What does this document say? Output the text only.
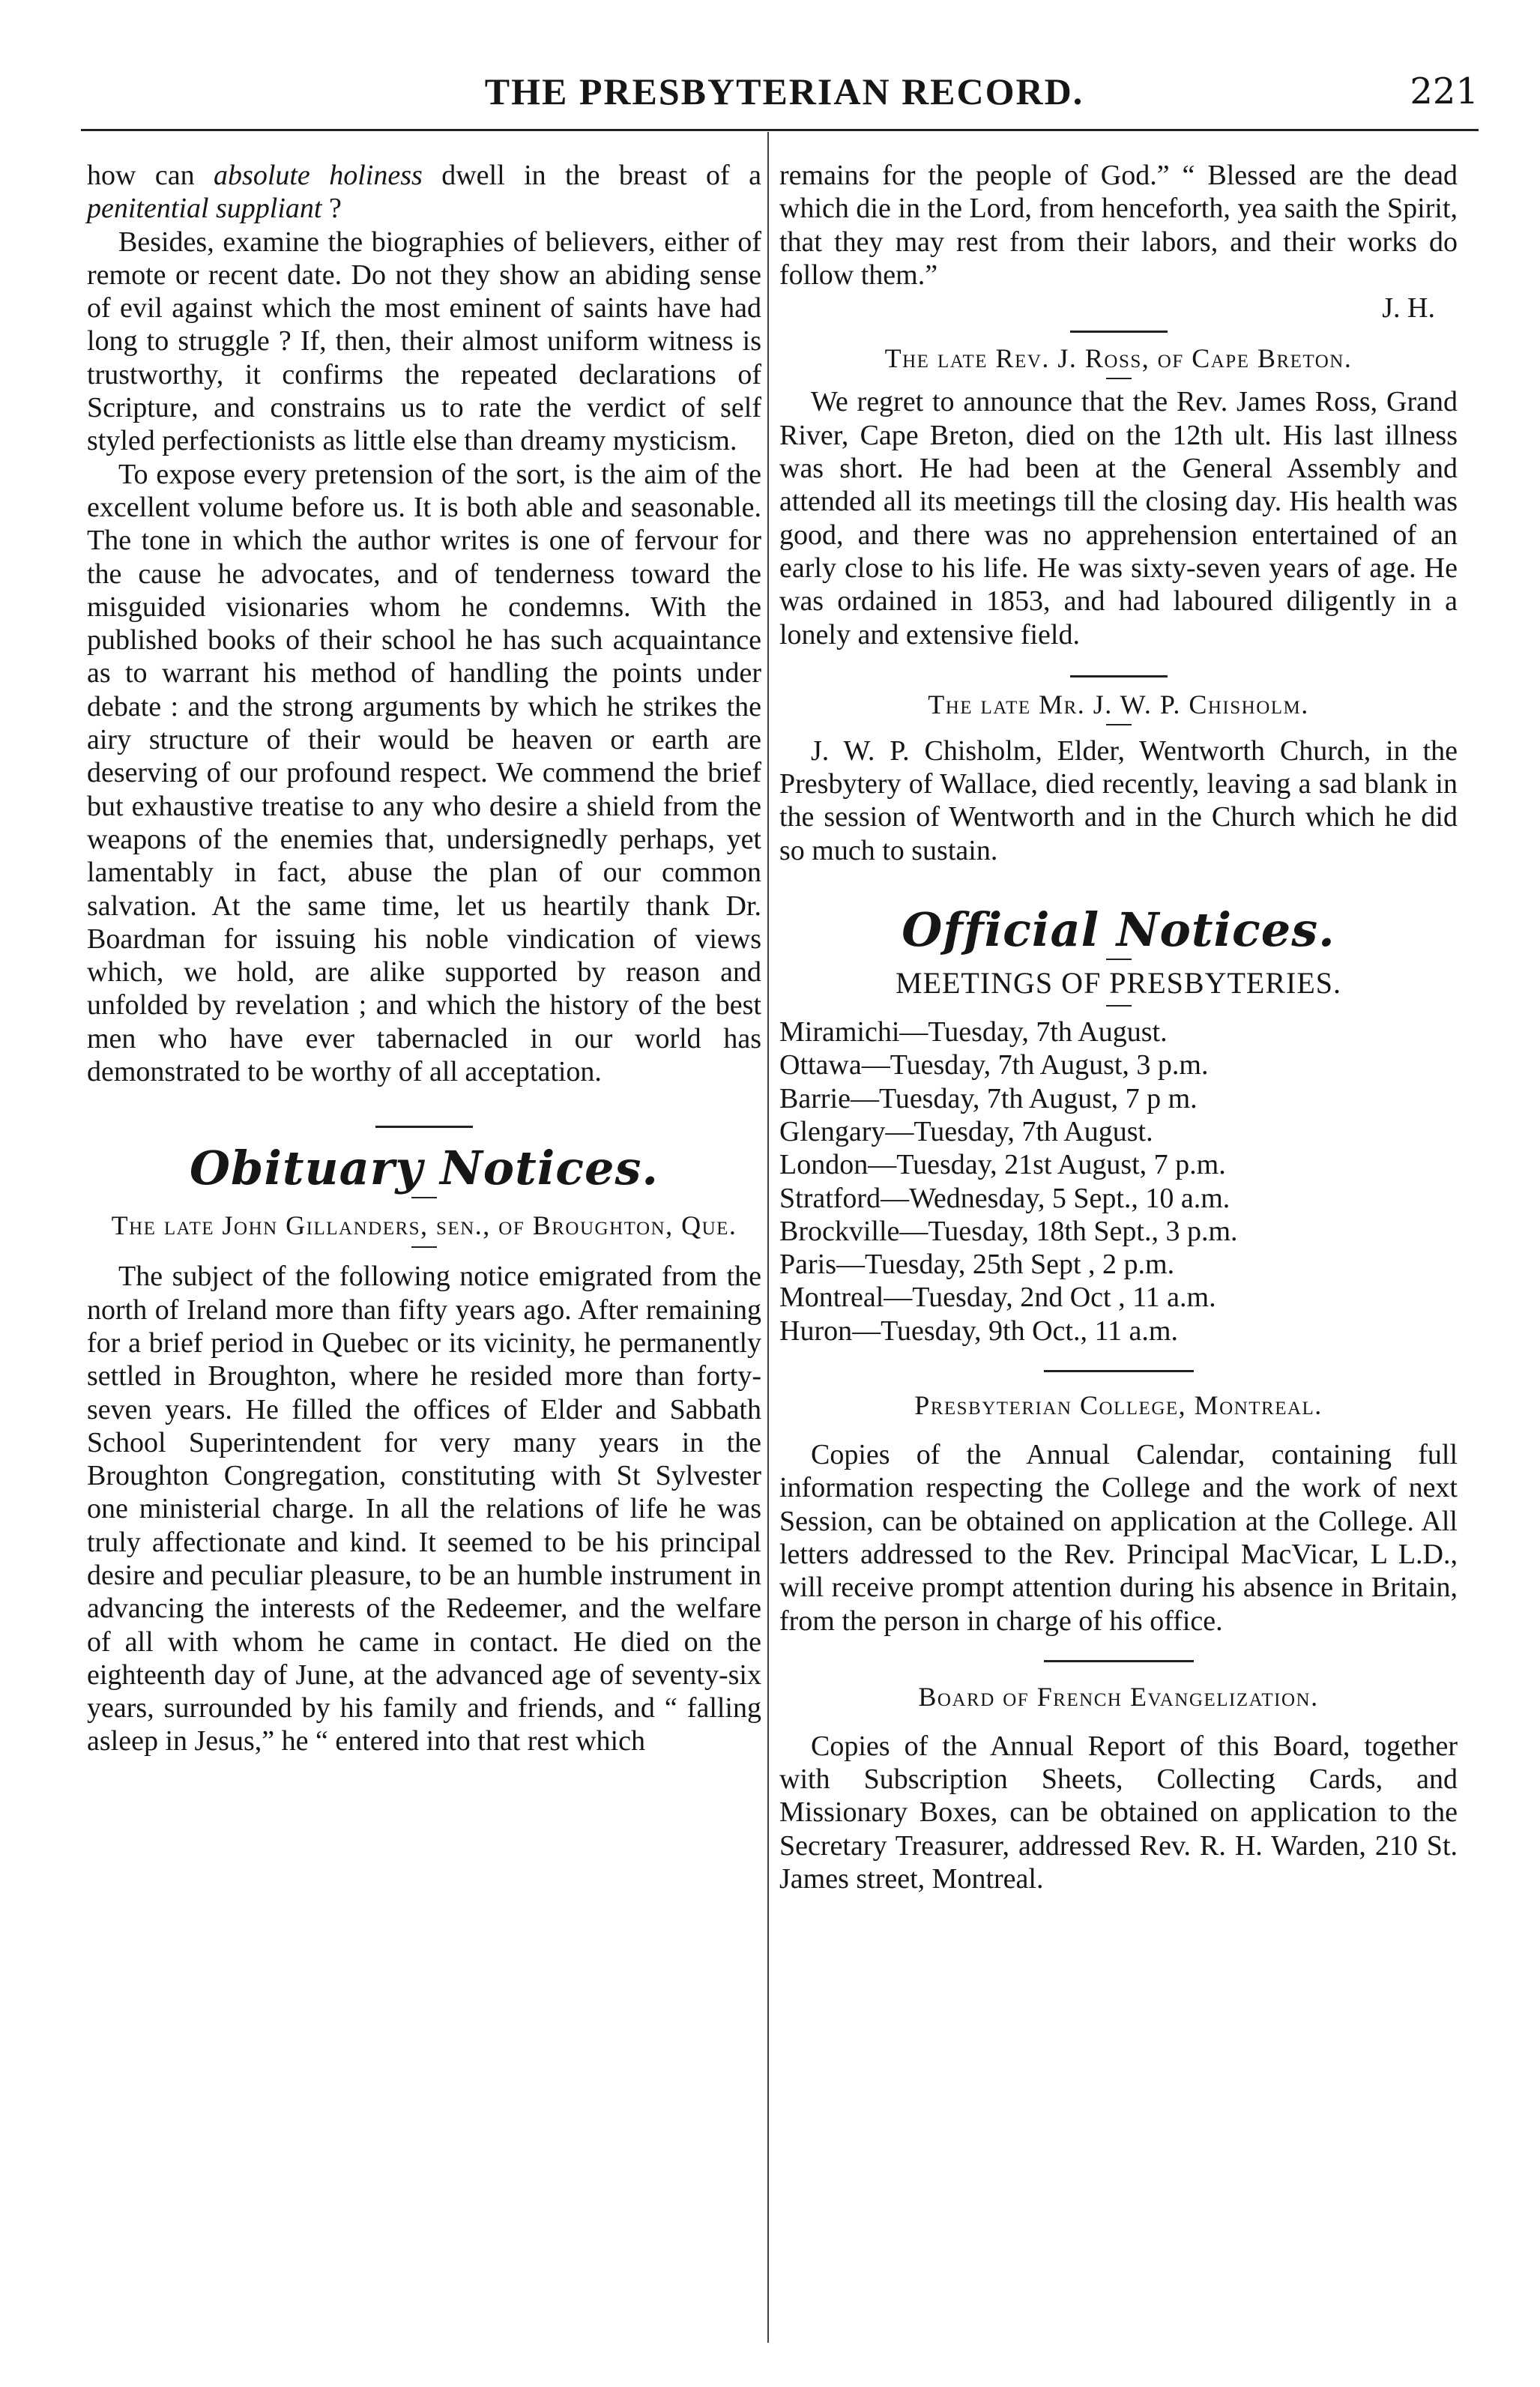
THE PRESBYTERIAN RECORD.	221

how can absolute holiness dwell in the breast of a penitential suppliant ?

Besides, examine the biographies of believers, either of remote or recent date. Do not they show an abiding sense of evil against which the most eminent of saints have had long to struggle ? If, then, their almost uniform witness is trustworthy, it confirms the repeated declarations of Scripture, and constrains us to rate the verdict of self styled perfectionists as little else than dreamy mysticism.

To expose every pretension of the sort, is the aim of the excellent volume before us. It is both able and seasonable. The tone in which the author writes is one of fervour for the cause he advocates, and of tenderness toward the misguided visionaries whom he condemns. With the published books of their school he has such acquaintance as to warrant his method of handling the points under debate : and the strong arguments by which he strikes the airy structure of their would be heaven or earth are deserving of our profound respect. We commend the brief but exhaustive treatise to any who desire a shield from the weapons of the enemies that, undersignedly perhaps, yet lamentably in fact, abuse the plan of our common salvation. At the same time, let us heartily thank Dr. Boardman for issuing his noble vindication of views which, we hold, are alike supported by reason and unfolded by revelation ; and which the history of the best men who have ever tabernacled in our world has demonstrated to be worthy of all acceptation.

Obituary Notices.

The late John Gillanders, sen., of Broughton, Que.

The subject of the following notice emigrated from the north of Ireland more than fifty years ago. After remaining for a brief period in Quebec or its vicinity, he permanently settled in Broughton, where he resided more than forty-seven years. He filled the offices of Elder and Sabbath School Superintendent for very many years in the Broughton Congregation, constituting with St Sylvester one ministerial charge. In all the relations of life he was truly affectionate and kind. It seemed to be his principal desire and peculiar pleasure, to be an humble instrument in advancing the interests of the Redeemer, and the welfare of all with whom he came in contact. He died on the eighteenth day of June, at the advanced age of seventy-six years, surrounded by his family and friends, and “ falling asleep in Jesus,” he “ entered into that rest which

remains for the people of God.” “ Blessed are the dead which die in the Lord, from henceforth, yea saith the Spirit, that they may rest from their labors, and their works do follow them.”

J. H.

The late Rev. J. Ross, of Cape Breton.

We regret to announce that the Rev. James Ross, Grand River, Cape Breton, died on the 12th ult. His last illness was short. He had been at the General Assembly and attended all its meetings till the closing day. His health was good, and there was no apprehension entertained of an early close to his life. He was sixty-seven years of age. He was ordained in 1853, and had laboured diligently in a lonely and extensive field.

The late Mr. J. W. P. Chisholm.

J. W. P. Chisholm, Elder, Wentworth Church, in the Presbytery of Wallace, died recently, leaving a sad blank in the session of Wentworth and in the Church which he did so much to sustain.

Official Notices.

MEETINGS OF PRESBYTERIES.

Miramichi—Tuesday, 7th August.
Ottawa—Tuesday, 7th August, 3 p.m.
Barrie—Tuesday, 7th August, 7 p m.
Glengary—Tuesday, 7th August.
London—Tuesday, 21st August, 7 p.m.
Stratford—Wednesday, 5 Sept., 10 a.m.
Brockville—Tuesday, 18th Sept., 3 p.m.
Paris—Tuesday, 25th Sept , 2 p.m.
Montreal—Tuesday, 2nd Oct , 11 a.m.
Huron—Tuesday, 9th Oct., 11 a.m.

Presbyterian College, Montreal.

Copies of the Annual Calendar, containing full information respecting the College and the work of next Session, can be obtained on application at the College. All letters addressed to the Rev. Principal MacVicar, L L.D., will receive prompt attention during his absence in Britain, from the person in charge of his office.

Board of French Evangelization.

Copies of the Annual Report of this Board, together with Subscription Sheets, Collecting Cards, and Missionary Boxes, can be obtained on application to the Secretary Treasurer, addressed Rev. R. H. Warden, 210 St. James street, Montreal.
